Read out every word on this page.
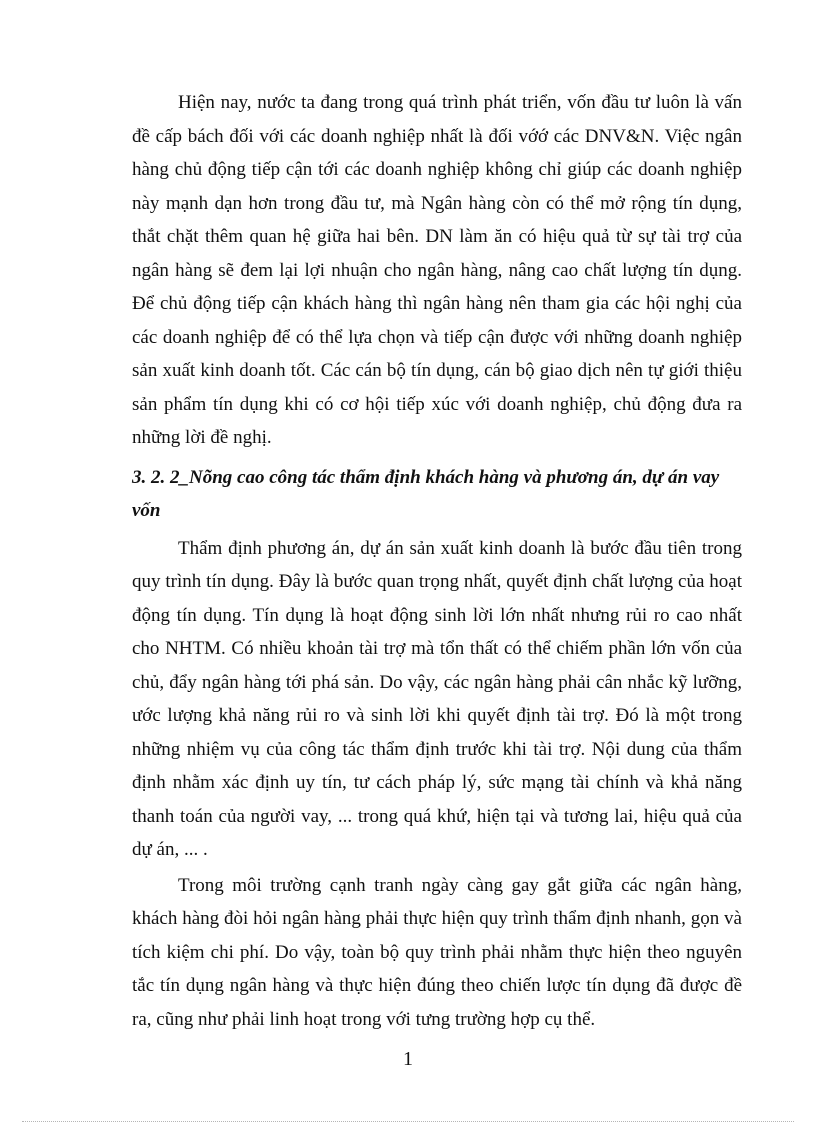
Hiện nay, nước ta đang trong quá trình phát triển, vốn đầu tư luôn là vấn đề cấp bách đối với các doanh nghiệp nhất là đối vớớ các DNV&N. Việc ngân hàng chủ động tiếp cận tới các doanh nghiệp không chỉ giúp các doanh nghiệp này mạnh dạn hơn trong đầu tư, mà Ngân hàng còn có thể mở rộng tín dụng, thắt chặt thêm quan hệ giữa hai bên. DN làm ăn có hiệu quả từ sự tài trợ của ngân hàng sẽ đem lại lợi nhuận cho ngân hàng, nâng cao chất lượng tín dụng. Để chủ động tiếp cận khách hàng thì ngân hàng nên tham gia các hội nghị của các doanh nghiệp để có thể lựa chọn và tiếp cận được với những doanh nghiệp sản xuất kinh doanh tốt. Các cán bộ tín dụng, cán bộ giao dịch nên tự giới thiệu sản phẩm tín dụng khi có cơ hội tiếp xúc với doanh nghiệp, chủ động đưa ra những lời đề nghị.

3. 2. 2_Nõng cao công tác thẩm định khách hàng và phương án, dự án vay vốn

Thẩm định phương án, dự án sản xuất kinh doanh là bước đầu tiên trong quy trình tín dụng. Đây là bước quan trọng nhất, quyết định chất lượng của hoạt động tín dụng. Tín dụng là hoạt động sinh lời lớn nhất nhưng rủi ro cao nhất cho NHTM. Có nhiều khoản tài trợ mà tổn thất có thể chiếm phần lớn vốn của chủ, đẩy ngân hàng tới phá sản. Do vậy, các ngân hàng phải cân nhắc kỹ lưỡng, ước lượng khả năng rủi ro và sinh lời khi quyết định tài trợ. Đó là một trong những nhiệm vụ của công tác thẩm định trước khi tài trợ. Nội dung của thẩm định nhằm xác định uy tín, tư cách pháp lý, sức mạng tài chính và khả năng thanh toán của người vay, ... trong quá khứ, hiện tại và tương lai, hiệu quả của dự án, ... .

Trong môi trường cạnh tranh ngày càng gay gắt giữa các ngân hàng, khách hàng đòi hỏi ngân hàng phải thực hiện quy trình thẩm định nhanh, gọn và tích kiệm chi phí. Do vậy, toàn bộ quy trình phải nhằm thực hiện theo nguyên tắc tín dụng ngân hàng và thực hiện đúng theo chiến lược tín dụng đã được đề ra, cũng như phải linh hoạt trong với tưng trường hợp cụ thể.

1
